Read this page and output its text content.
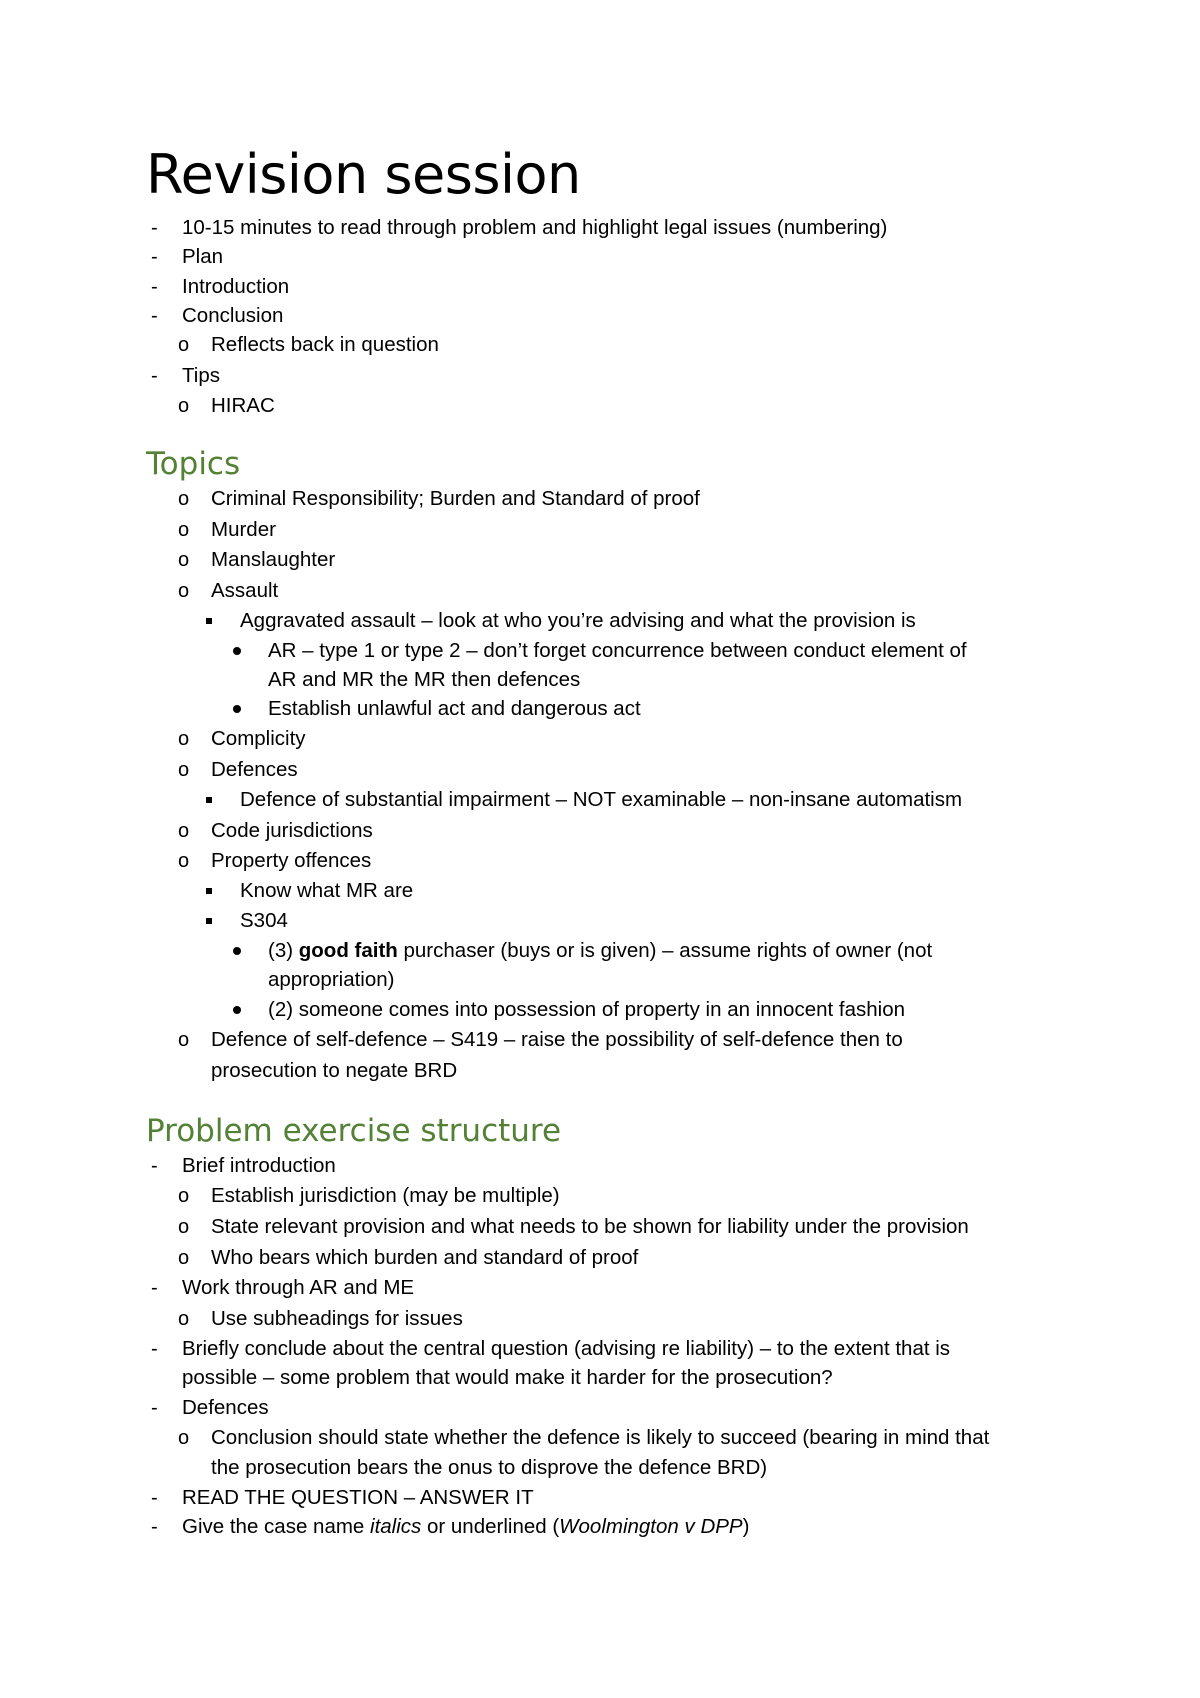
Revision session
-	10-15 minutes to read through problem and highlight legal issues (numbering)
-	Plan
-	Introduction
-	Conclusion
o	Reflects back in question
-	Tips
o	HIRAC
Topics
o	Criminal Responsibility; Burden and Standard of proof
o	Murder
o	Manslaughter
o	Assault
Aggravated assault – look at who you’re advising and what the provision is
AR – type 1 or type 2 – don’t forget concurrence between conduct element of
AR and MR the MR then defences
Establish unlawful act and dangerous act
o	Complicity
o	Defences
Defence of substantial impairment – NOT examinable – non-insane automatism
o	Code jurisdictions
o	Property offences
Know what MR are
S304
(3) good faith purchaser (buys or is given) – assume rights of owner (not
appropriation)
(2) someone comes into possession of property in an innocent fashion
o	Defence of self-defence – S419 – raise the possibility of self-defence then to
prosecution to negate BRD
Problem exercise structure
-	Brief introduction
o	Establish jurisdiction (may be multiple)
o	State relevant provision and what needs to be shown for liability under the provision
o	Who bears which burden and standard of proof
-	Work through AR and ME
o	Use subheadings for issues
-	Briefly conclude about the central question (advising re liability) – to the extent that is
possible – some problem that would make it harder for the prosecution?
-	Defences
o	Conclusion should state whether the defence is likely to succeed (bearing in mind that
the prosecution bears the onus to disprove the defence BRD)
-	READ THE QUESTION – ANSWER IT
-	Give the case name italics or underlined (Woolmington v DPP)
